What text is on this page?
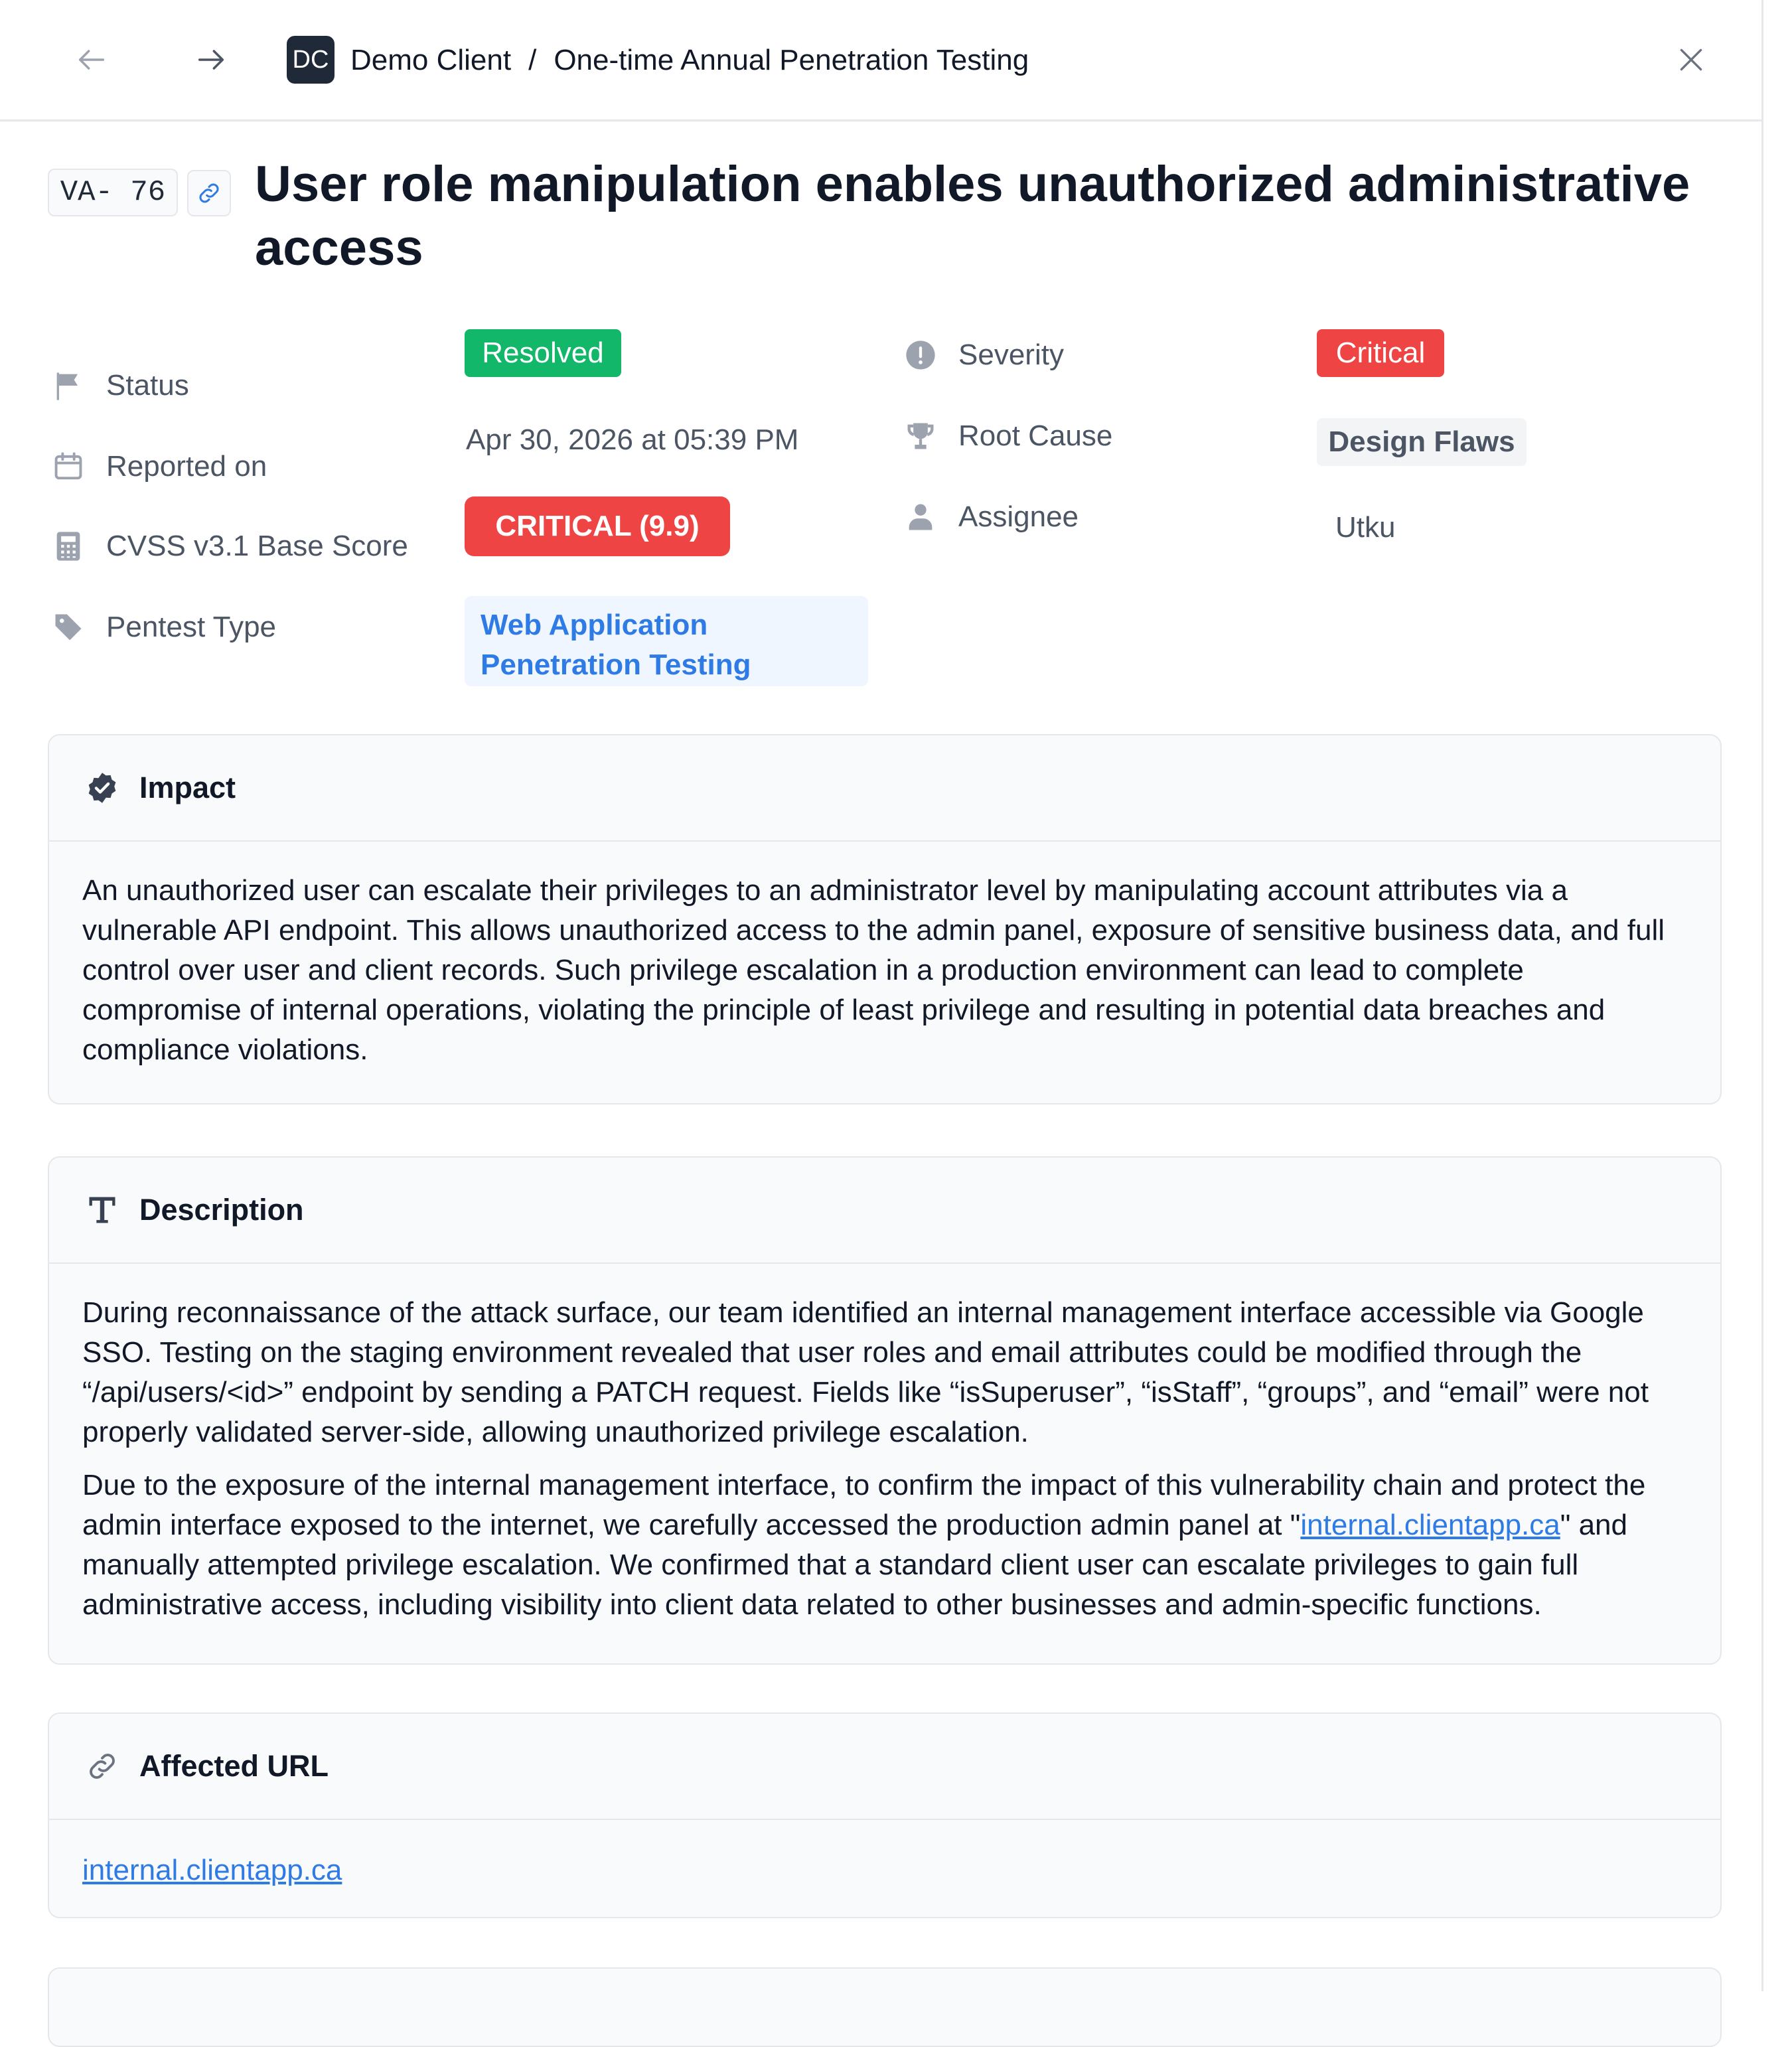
DC Demo Client / One-time Annual Penetration Testing
VA- 76 User role manipulation enables unauthorized administrative access
Status
Reported on
CVSS v3.1 Base Score
Pentest Type
Resolved
Apr 30, 2026 at 05:39 PM
CRITICAL (9.9)
Web Application Penetration Testing
Severity
Root Cause
Assignee
Critical
Design Flaws
Utku
Impact

An unauthorized user can escalate their privileges to an administrator level by manipulating account attributes via a vulnerable API endpoint. This allows unauthorized access to the admin panel, exposure of sensitive business data, and full control over user and client records. Such privilege escalation in a production environment can lead to complete compromise of internal operations, violating the principle of least privilege and resulting in potential data breaches and compliance violations.

Description

During reconnaissance of the attack surface, our team identified an internal management interface accessible via Google SSO. Testing on the staging environment revealed that user roles and email attributes could be modified through the “/api/users/<id>” endpoint by sending a PATCH request. Fields like “isSuperuser”, “isStaff”, “groups”, and “email” were not properly validated server-side, allowing unauthorized privilege escalation.

Due to the exposure of the internal management interface, to confirm the impact of this vulnerability chain and protect the admin interface exposed to the internet, we carefully accessed the production admin panel at "internal.clientapp.ca" and manually attempted privilege escalation. We confirmed that a standard client user can escalate privileges to gain full administrative access, including visibility into client data related to other businesses and admin-specific functions.

Affected URL
internal.clientapp.ca
